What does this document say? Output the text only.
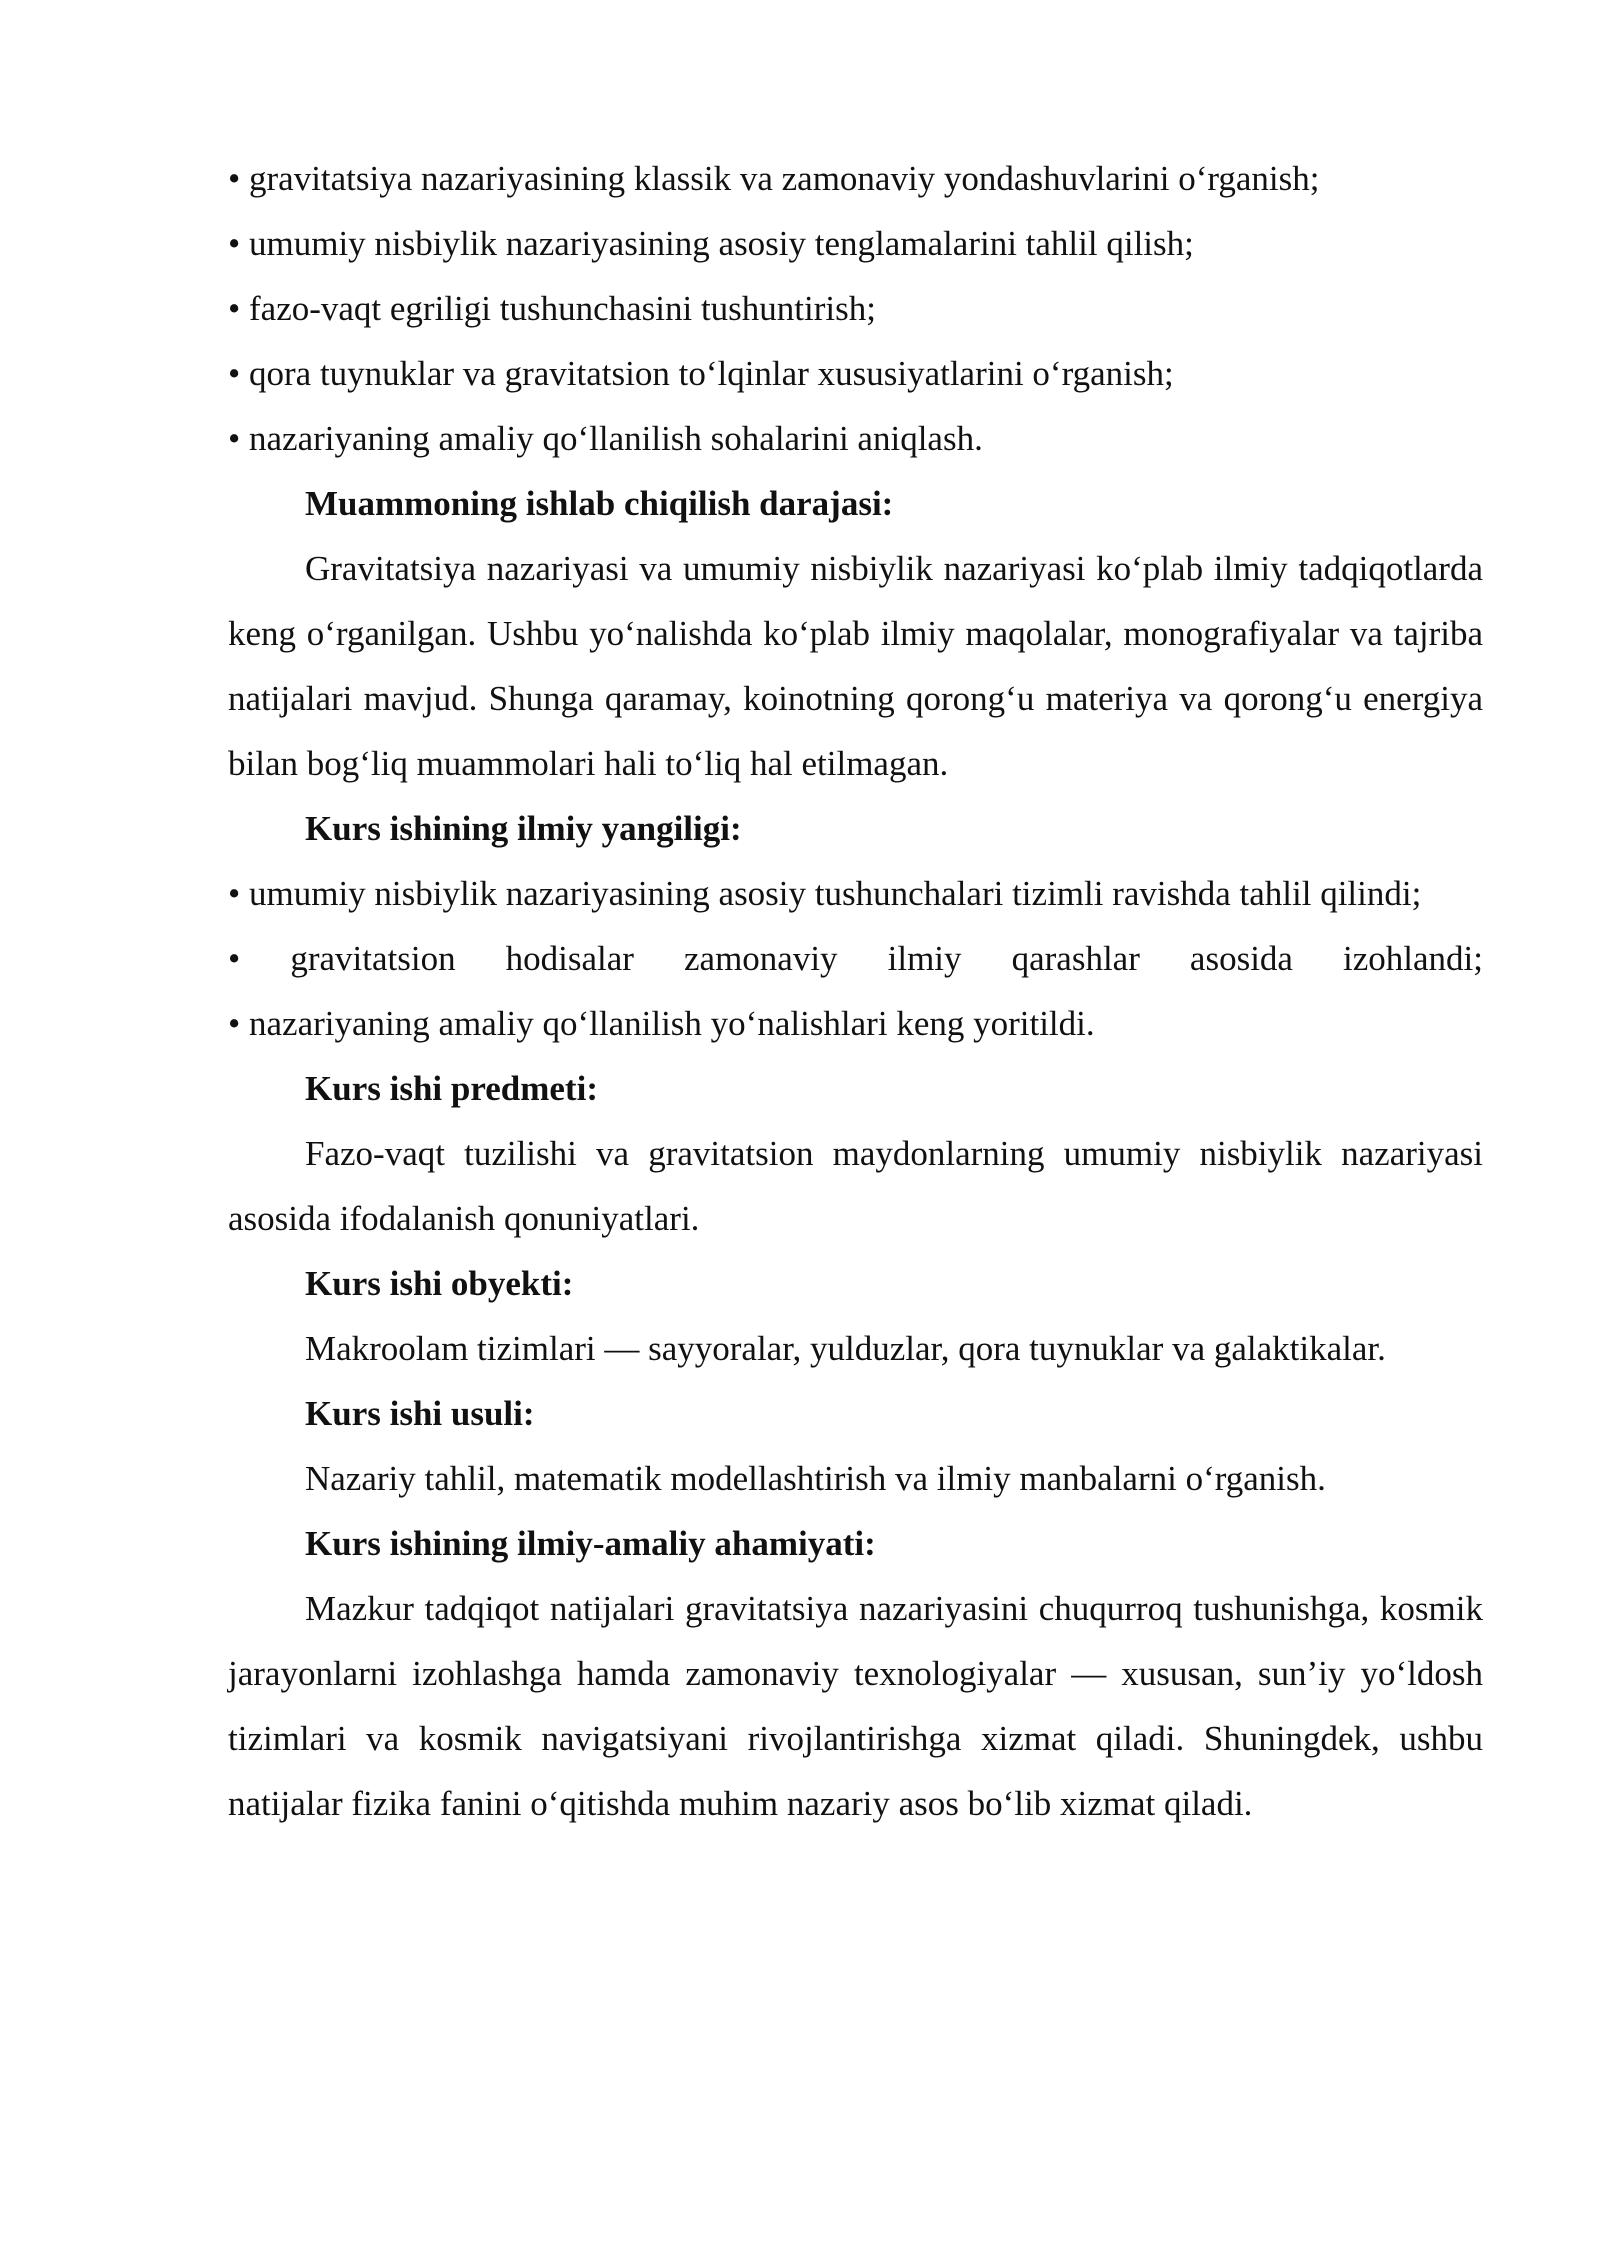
• gravitatsiya nazariyasining klassik va zamonaviy yondashuvlarini o‘rganish;

• umumiy nisbiylik nazariyasining asosiy tenglamalarini tahlil qilish;

• fazo-vaqt egriligi tushunchasini tushuntirish;

• qora tuynuklar va gravitatsion to‘lqinlar xususiyatlarini o‘rganish;

• nazariyaning amaliy qo‘llanilish sohalarini aniqlash.

Muammoning ishlab chiqilish darajasi:

Gravitatsiya nazariyasi va umumiy nisbiylik nazariyasi ko‘plab ilmiy tadqiqotlarda keng o‘rganilgan. Ushbu yo‘nalishda ko‘plab ilmiy maqolalar, monografiyalar va tajriba natijalari mavjud. Shunga qaramay, koinotning qorong‘u materiya va qorong‘u energiya bilan bog‘liq muammolari hali to‘liq hal etilmagan.

Kurs ishining ilmiy yangiligi:

• umumiy nisbiylik nazariyasining asosiy tushunchalari tizimli ravishda tahlil qilindi;

• gravitatsion hodisalar zamonaviy ilmiy qarashlar asosida izohlandi;

• nazariyaning amaliy qo‘llanilish yo‘nalishlari keng yoritildi.

Kurs ishi predmeti:

Fazo-vaqt tuzilishi va gravitatsion maydonlarning umumiy nisbiylik nazariyasi asosida ifodalanish qonuniyatlari.

Kurs ishi obyekti:

Makroolam tizimlari — sayyoralar, yulduzlar, qora tuynuklar va galaktikalar.

Kurs ishi usuli:

Nazariy tahlil, matematik modellashtirish va ilmiy manbalarni o‘rganish.

Kurs ishining ilmiy-amaliy ahamiyati:

Mazkur tadqiqot natijalari gravitatsiya nazariyasini chuqurroq tushunishga, kosmik jarayonlarni izohlashga hamda zamonaviy texnologiyalar — xususan, sun’iy yo‘ldosh tizimlari va kosmik navigatsiyani rivojlantirishga xizmat qiladi. Shuningdek, ushbu natijalar fizika fanini o‘qitishda muhim nazariy asos bo‘lib xizmat qiladi.
